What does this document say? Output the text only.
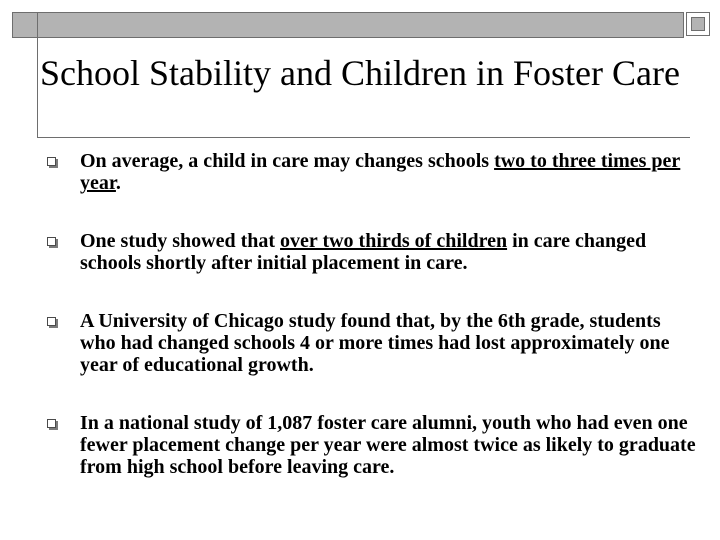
School Stability and Children in Foster Care
On average, a child in care may changes schools two to three times per year.
One study showed that over two thirds of children in care changed schools shortly after initial placement in care.
A University of Chicago study found that, by the 6th grade, students who had changed schools 4 or more times had lost approximately one year of educational growth.
In a national study of 1,087 foster care alumni, youth who had even one fewer placement change per year were almost twice as likely to graduate from high school before leaving care.
